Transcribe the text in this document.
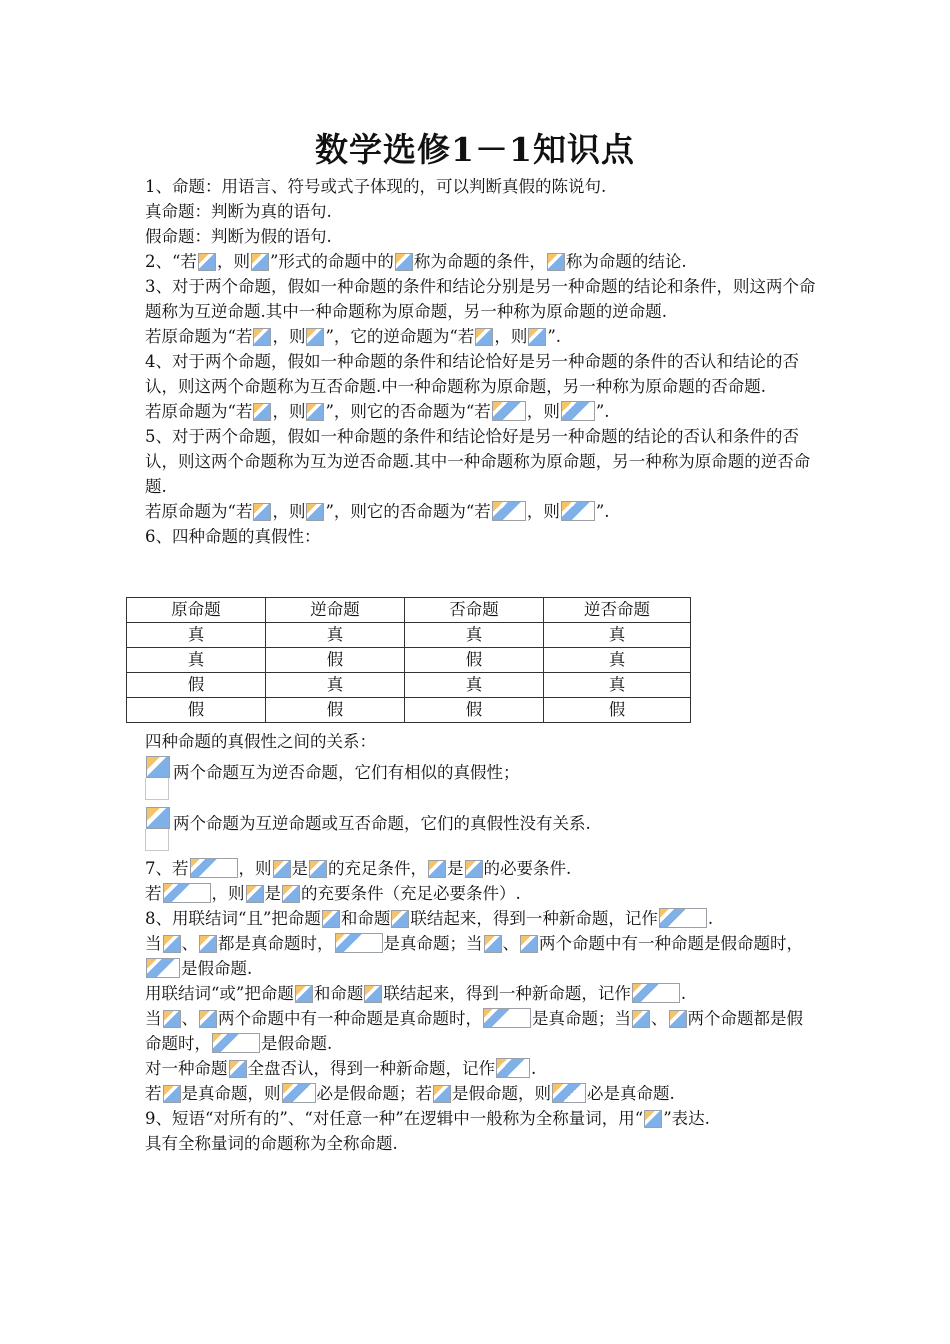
数学选修1－1知识点

1、命题：用语言、符号或式子体现的，可以判断真假的陈说句.

真命题：判断为真的语句.

假命题：判断为假的语句.

2、“若 ，则 ”形式的命题中的 称为命题的条件， 称为命题的结论.

3、对于两个命题，假如一种命题的条件和结论分别是另一种命题的结论和条件，则这两个命题称为互逆命题.其中一种命题称为原命题，另一种称为原命题的逆命题.

若原命题为“若 ，则 ”，它的逆命题为“若 ，则 ”.

4、对于两个命题，假如一种命题的条件和结论恰好是另一种命题的条件的否认和结论的否认，则这两个命题称为互否命题.中一种命题称为原命题，另一种称为原命题的否命题.

若原命题为“若 ，则 ”，则它的否命题为“若 ，则 ”.

5、对于两个命题，假如一种命题的条件和结论恰好是另一种命题的结论的否认和条件的否认，则这两个命题称为互为逆否命题.其中一种命题称为原命题，另一种称为原命题的逆否命题.

若原命题为“若 ，则 ”，则它的否命题为“若 ，则 ”.

6、四种命题的真假性：

原命题	逆命题	否命题	逆否命题
真	真	真	真
真	假	假	真
假	真	真	真
假	假	假	假

四种命题的真假性之间的关系：

两个命题互为逆否命题，它们有相似的真假性；

两个命题为互逆命题或互否命题，它们的真假性没有关系.

7、若	，则 是 的充足条件， 是 的必要条件.

若	，则 是 的充要条件（充足必要条件）.

8、用联结词“且”把命题 和命题 联结起来，得到一种新命题，记作	.

当 、 都是真命题时，	是真命题；当 、 两个命题中有一种命题是假命题时，是假命题.

用联结词“或”把命题 和命题 联结起来，得到一种新命题，记作	.

当 、 两个命题中有一种命题是真命题时，	是真命题；当 、 两个命题都是假命题时，	是假命题.

对一种命题 全盘否认，得到一种新命题，记作 .

若 是真命题，则 必是假命题；若 是假命题，则 必是真命题.

9、短语“对所有的”、“对任意一种”在逻辑中一般称为全称量词，用“ ”表达.

具有全称量词的命题称为全称命题.
